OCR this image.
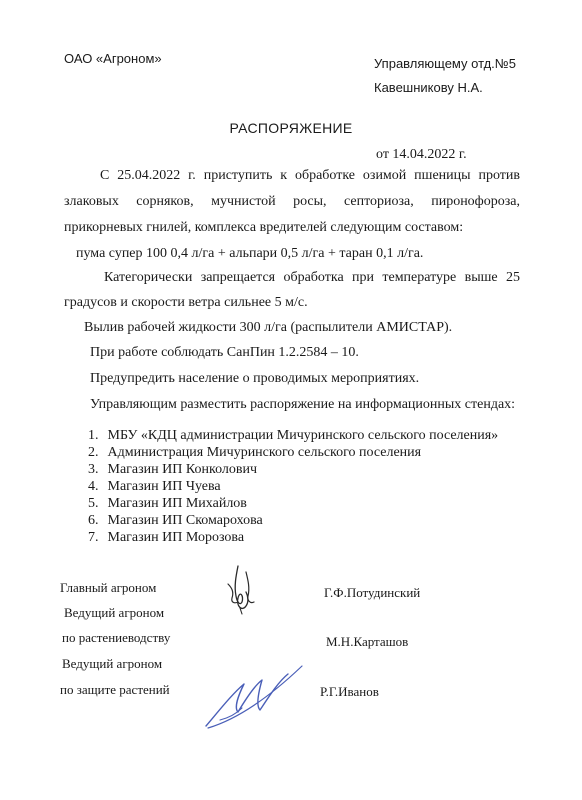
ОАО «Агроном»	Управляющему отд.№5
Кавешникову Н.А.
РАСПОРЯЖЕНИЕ
от 14.04.2022 г.
С 25.04.2022 г. приступить к обработке озимой пшеницы против
злаковых сорняков, мучнистой росы, септориоза, пиронофороза,
прикорневых гнилей, комплекса вредителей следующим составом:
пума супер 100 0,4 л/га + альпари 0,5 л/га + таран 0,1 л/га.
Категорически запрещается обработка при температуре выше 25
градусов и скорости ветра сильнее 5 м/с.
Вылив рабочей жидкости 300 л/га (распылители АМИСТАР).
При работе соблюдать СанПин 1.2.2584 – 10.
Предупредить население о проводимых мероприятиях.
Управляющим разместить распоряжение на информационных стендах:
1. МБУ «КДЦ администрации Мичуринского сельского поселения»
2. Администрация Мичуринского сельского поселения
3. Магазин ИП Конколович
4. Магазин ИП Чуева
5. Магазин ИП Михайлов
6. Магазин ИП Скомарохова
7. Магазин ИП Морозова
Главный агроном	Г.Ф.Потудинский
Ведущий агроном
по растениеводству	М.Н.Карташов
Ведущий агроном
по защите растений	Р.Г.Иванов
